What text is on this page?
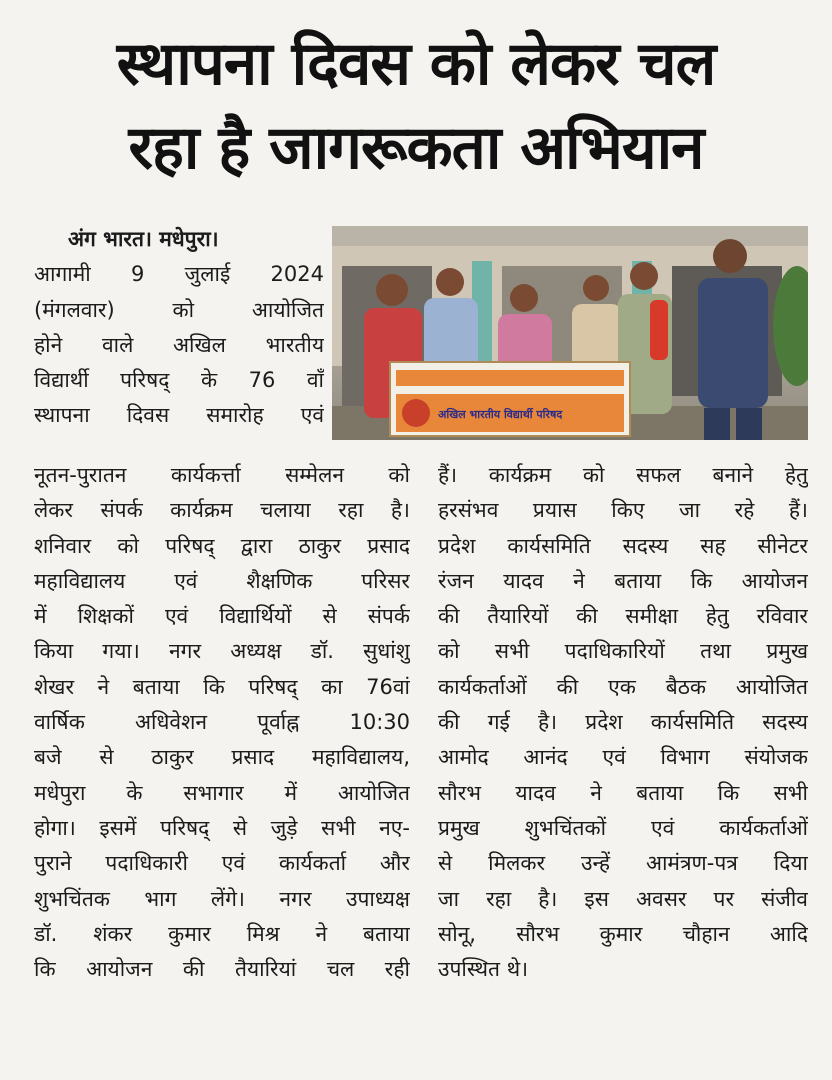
स्थापना दिवस को लेकर चल
रहा है जागरूकता अभियान
अंग भारत। मधेपुरा।
आगामी 9 जुलाई 2024
(मंगलवार) को आयोजित
होने वाले अखिल भारतीय
विद्यार्थी परिषद् के 76 वाँ
स्थापना दिवस समारोह एवं	अखिल भारतीय विद्यार्थी परिषद
नूतन-पुरातन कार्यकर्त्ता सम्मेलन को
लेकर संपर्क कार्यक्रम चलाया रहा है।
शनिवार को परिषद् द्वारा ठाकुर प्रसाद
महाविद्यालय एवं शैक्षणिक परिसर
में शिक्षकों एवं विद्यार्थियों से संपर्क
किया गया। नगर अध्यक्ष डॉ. सुधांशु
शेखर ने बताया कि परिषद् का 76वां
वार्षिक अधिवेशन पूर्वाह्न 10:30
बजे से ठाकुर प्रसाद महाविद्यालय,
मधेपुरा के सभागार में आयोजित
होगा। इसमें परिषद् से जुड़े सभी नए-
पुराने पदाधिकारी एवं कार्यकर्ता और
शुभचिंतक भाग लेंगे। नगर उपाध्यक्ष
डॉ. शंकर कुमार मिश्र ने बताया
कि आयोजन की तैयारियां चल रही
हैं। कार्यक्रम को सफल बनाने हेतु
हरसंभव प्रयास किए जा रहे हैं।
प्रदेश कार्यसमिति सदस्य सह सीनेटर
रंजन यादव ने बताया कि आयोजन
की तैयारियों की समीक्षा हेतु रविवार
को सभी पदाधिकारियों तथा प्रमुख
कार्यकर्ताओं की एक बैठक आयोजित
की गई है। प्रदेश कार्यसमिति सदस्य
आमोद आनंद एवं विभाग संयोजक
सौरभ यादव ने बताया कि सभी
प्रमुख शुभचिंतकों एवं कार्यकर्ताओं
से मिलकर उन्हें आमंत्रण-पत्र दिया
जा रहा है। इस अवसर पर संजीव
सोनू, सौरभ कुमार चौहान आदि
उपस्थित थे।
